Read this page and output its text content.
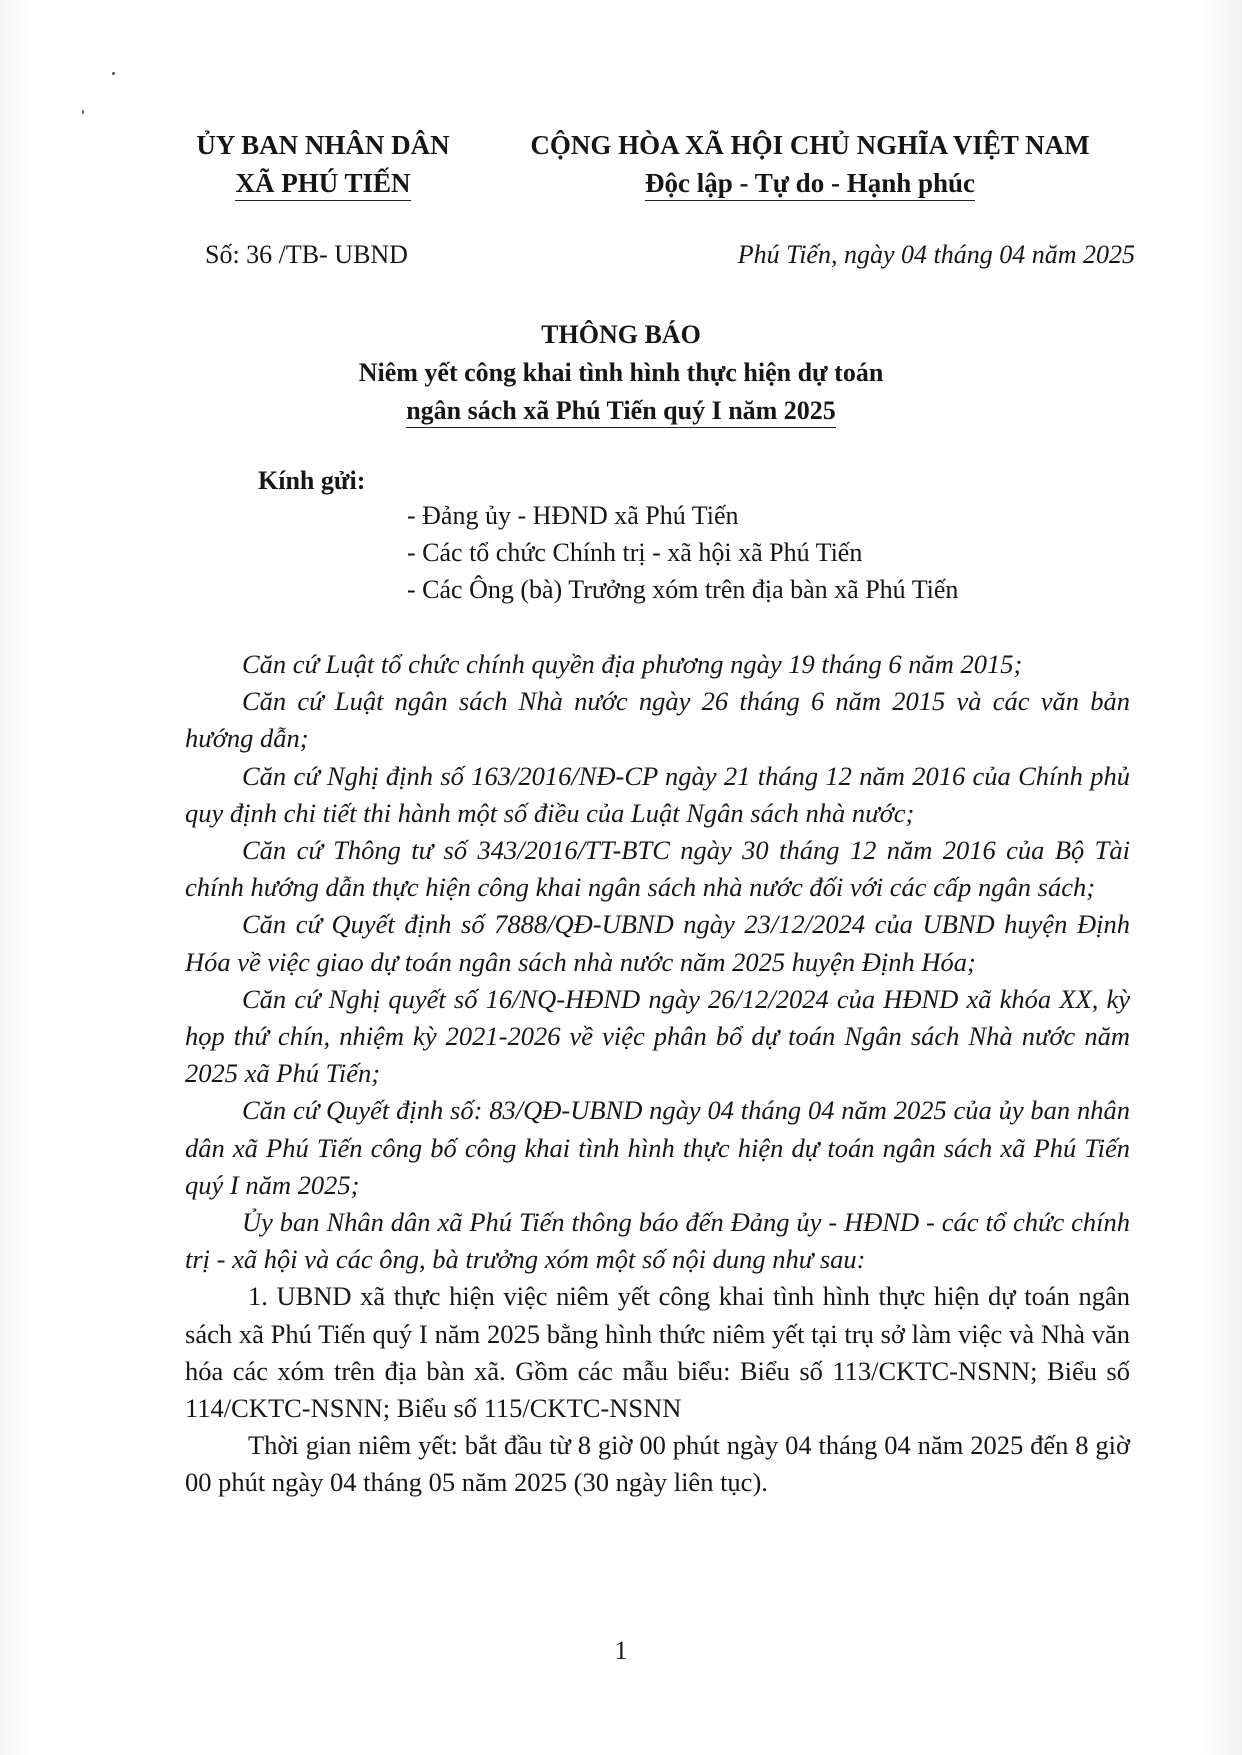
ỦY BAN NHÂN DÂN
XÃ PHÚ TIẾN
CỘNG HÒA XÃ HỘI CHỦ NGHĨA VIỆT NAM
Độc lập - Tự do - Hạnh phúc
Số: 36 /TB- UBND	Phú Tiến, ngày 04 tháng 04 năm 2025
THÔNG BÁO
Niêm yết công khai tình hình thực hiện dự toán
ngân sách xã Phú Tiến quý I năm 2025
Kính gửi:
- Đảng ủy - HĐND xã Phú Tiến
- Các tổ chức Chính trị - xã hội xã Phú Tiến
- Các Ông (bà) Trưởng xóm trên địa bàn xã Phú Tiến

Căn cứ Luật tổ chức chính quyền địa phương ngày 19 tháng 6 năm 2015;

Căn cứ Luật ngân sách Nhà nước ngày 26 tháng 6 năm 2015 và các văn bản hướng dẫn;

Căn cứ Nghị định số 163/2016/NĐ-CP ngày 21 tháng 12 năm 2016 của Chính phủ quy định chi tiết thi hành một số điều của Luật Ngân sách nhà nước;

Căn cứ Thông tư số 343/2016/TT-BTC ngày 30 tháng 12 năm 2016 của Bộ Tài chính hướng dẫn thực hiện công khai ngân sách nhà nước đối với các cấp ngân sách;

Căn cứ Quyết định số 7888/QĐ-UBND ngày 23/12/2024 của UBND huyện Định Hóa về việc giao dự toán ngân sách nhà nước năm 2025 huyện Định Hóa;

Căn cứ Nghị quyết số 16/NQ-HĐND ngày 26/12/2024 của HĐND xã khóa XX, kỳ họp thứ chín, nhiệm kỳ 2021-2026 về việc phân bổ dự toán Ngân sách Nhà nước năm 2025 xã Phú Tiến;

Căn cứ Quyết định số: 83/QĐ-UBND ngày 04 tháng 04 năm 2025 của ủy ban nhân dân xã Phú Tiến công bố công khai tình hình thực hiện dự toán ngân sách xã Phú Tiến quý I năm 2025;

Ủy ban Nhân dân xã Phú Tiến thông báo đến Đảng ủy - HĐND - các tổ chức chính trị - xã hội và các ông, bà trưởng xóm một số nội dung như sau:

1. UBND xã thực hiện việc niêm yết công khai tình hình thực hiện dự toán ngân sách xã Phú Tiến quý I năm 2025 bằng hình thức niêm yết tại trụ sở làm việc và Nhà văn hóa các xóm trên địa bàn xã. Gồm các mẫu biểu: Biểu số 113/CKTC-NSNN; Biểu số 114/CKTC-NSNN; Biểu số 115/CKTC-NSNN

Thời gian niêm yết: bắt đầu từ 8 giờ 00 phút ngày 04 tháng 04 năm 2025 đến 8 giờ 00 phút ngày 04 tháng 05 năm 2025 (30 ngày liên tục).

1
